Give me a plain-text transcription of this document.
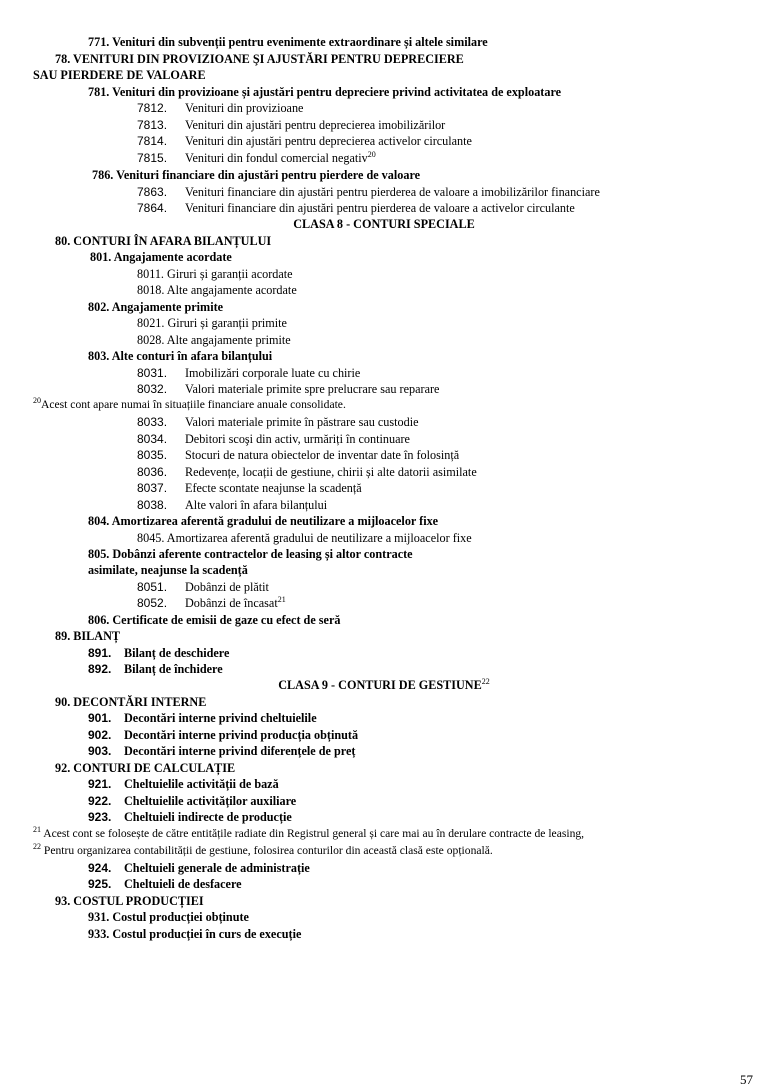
771. Venituri din subvenții pentru evenimente extraordinare și altele similare
78. VENITURI DIN PROVIZIOANE ŞI AJUSTĂRI PENTRU DEPRECIERE
SAU PIERDERE DE VALOARE
781. Venituri din provizioane și ajustări pentru depreciere privind activitatea de exploatare
7812. Venituri din provizioane
7813. Venituri din ajustări pentru deprecierea imobilizărilor
7814. Venituri din ajustări pentru deprecierea activelor circulante
7815. Venituri din fondul comercial negativ$^{20}$
786. Venituri financiare din ajustări pentru pierdere de valoare
7863. Venituri financiare din ajustări pentru pierderea de valoare a imobilizărilor financiare
7864. Venituri financiare din ajustări pentru pierderea de valoare a activelor circulante
CLASA 8 - CONTURI SPECIALE
80. CONTURI ÎN AFARA BILANȚULUI
801. Angajamente acordate
8011. Giruri și garanții acordate
8018. Alte angajamente acordate
802. Angajamente primite
8021. Giruri și garanții primite
8028. Alte angajamente primite
803. Alte conturi în afara bilanțului
8031. Imobilizări corporale luate cu chirie
8032. Valori materiale primite spre prelucrare sau reparare
$^{20}$Acest cont apare numai în situațiile financiare anuale consolidate.
8033. Valori materiale primite în păstrare sau custodie
8034. Debitori scoşi din activ, urmăriți în continuare
8035. Stocuri de natura obiectelor de inventar date în folosință
8036. Redevențe, locații de gestiune, chirii și alte datorii asimilate
8037. Efecte scontate neajunse la scadență
8038. Alte valori în afara bilanțului
804. Amortizarea aferentă gradului de neutilizare a mijloacelor fixe
8045. Amortizarea aferentă gradului de neutilizare a mijloacelor fixe
805. Dobânzi aferente contractelor de leasing și altor contracte
asimilate, neajunse la scadență
8051. Dobânzi de plătit
8052. Dobânzi de încasat$^{21}$
806. Certificate de emisii de gaze cu efect de seră
89. BILANȚ
891. Bilanț de deschidere
892. Bilanț de închidere
CLASA 9 - CONTURI DE GESTIUNE$^{22}$
90. DECONTĂRI INTERNE
901. Decontări interne privind cheltuielile
902. Decontări interne privind producția obținută
903. Decontări interne privind diferențele de preț
92. CONTURI DE CALCULAȚIE
921. Cheltuielile activității de bază
922. Cheltuielile activităților auxiliare
923. Cheltuieli indirecte de producție
$^{21}$ Acest cont se folosește de către entitățile radiate din Registrul general și care mai au în derulare contracte de leasing,
$^{22}$ Pentru organizarea contabilității de gestiune, folosirea conturilor din această clasă este opțională.
924. Cheltuieli generale de administrație
925. Cheltuieli de desfacere
93. COSTUL PRODUCȚIEI
931. Costul producției obținute
933. Costul producției în curs de execuție
57
